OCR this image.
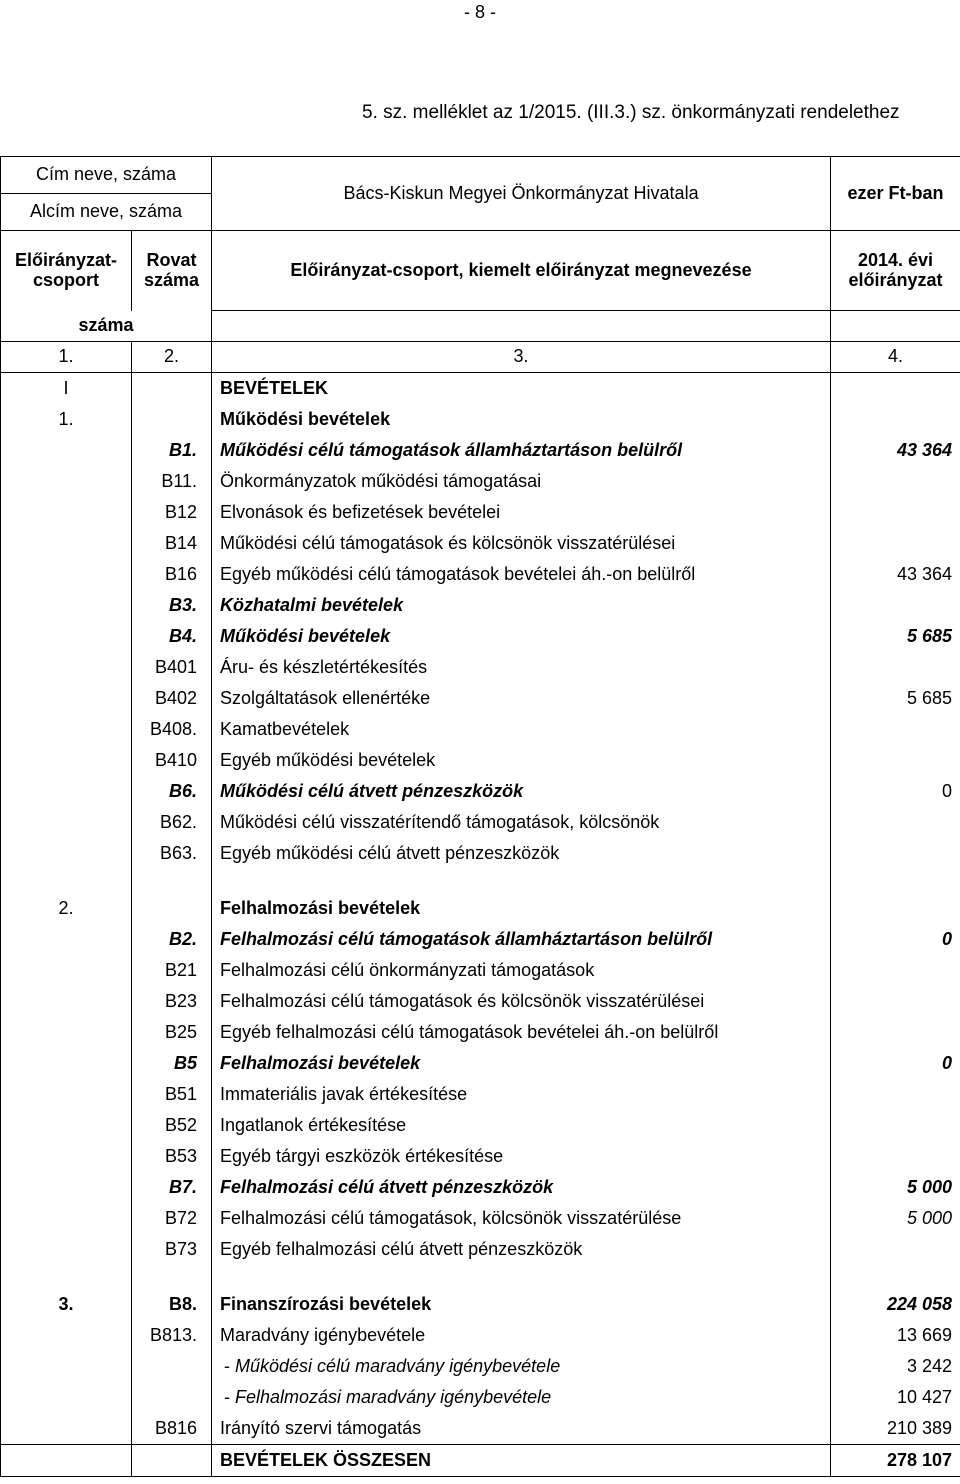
- 8 -
5. sz. melléklet az 1/2015. (III.3.) sz. önkormányzati rendelethez
Cím neve, száma		Bács-Kiskun Megyei Önkormányzat Hivatala	ezer Ft-ban
Alcím neve, száma			
Előirányzat-csoport	Rovat száma	Előirányzat-csoport, kiemelt előirányzat megnevezése	2014. évi előirányzat
száma			
1.	2.	3.	4.
I		BEVÉTELEK	
1.		Működési bevételek	
	B1.	Működési célú támogatások államháztartáson belülről	43 364
	B11.	Önkormányzatok működési támogatásai	
	B12	Elvonások és befizetések bevételei	
	B14	Működési célú támogatások és kölcsönök visszatérülései	
	B16	Egyéb működési célú támogatások bevételei áh.-on belülről	43 364
	B3.	Közhatalmi bevételek	
	B4.	Működési bevételek	5 685
	B401	Áru- és készletértékesítés	
	B402	Szolgáltatások ellenértéke	5 685
	B408.	Kamatbevételek	
	B410	Egyéb működési bevételek	
	B6.	Működési célú átvett pénzeszközök	0
	B62.	Működési célú visszatérítendő támogatások, kölcsönök	
	B63.	Egyéb működési célú átvett pénzeszközök	

2.		Felhalmozási bevételek	
	B2.	Felhalmozási célú támogatások államháztartáson belülről	0
	B21	Felhalmozási célú önkormányzati támogatások	
	B23	Felhalmozási célú támogatások és kölcsönök visszatérülései	
	B25	Egyéb felhalmozási célú támogatások bevételei áh.-on belülről	
	B5	Felhalmozási bevételek	0
	B51	Immateriális javak értékesítése	
	B52	Ingatlanok értékesítése	
	B53	Egyéb tárgyi eszközök értékesítése	
	B7.	Felhalmozási célú átvett pénzeszközök	5 000
	B72	Felhalmozási célú támogatások, kölcsönök visszatérülése	5 000
	B73	Egyéb felhalmozási célú átvett pénzeszközök	

3.	B8.	Finanszírozási bevételek	224 058
	B813.	Maradvány igénybevétele	13 669
		- Működési célú maradvány igénybevétele	3 242
		- Felhalmozási maradvány igénybevétele	10 427
	B816	Irányító szervi támogatás	210 389
		BEVÉTELEK ÖSSZESEN	278 107
